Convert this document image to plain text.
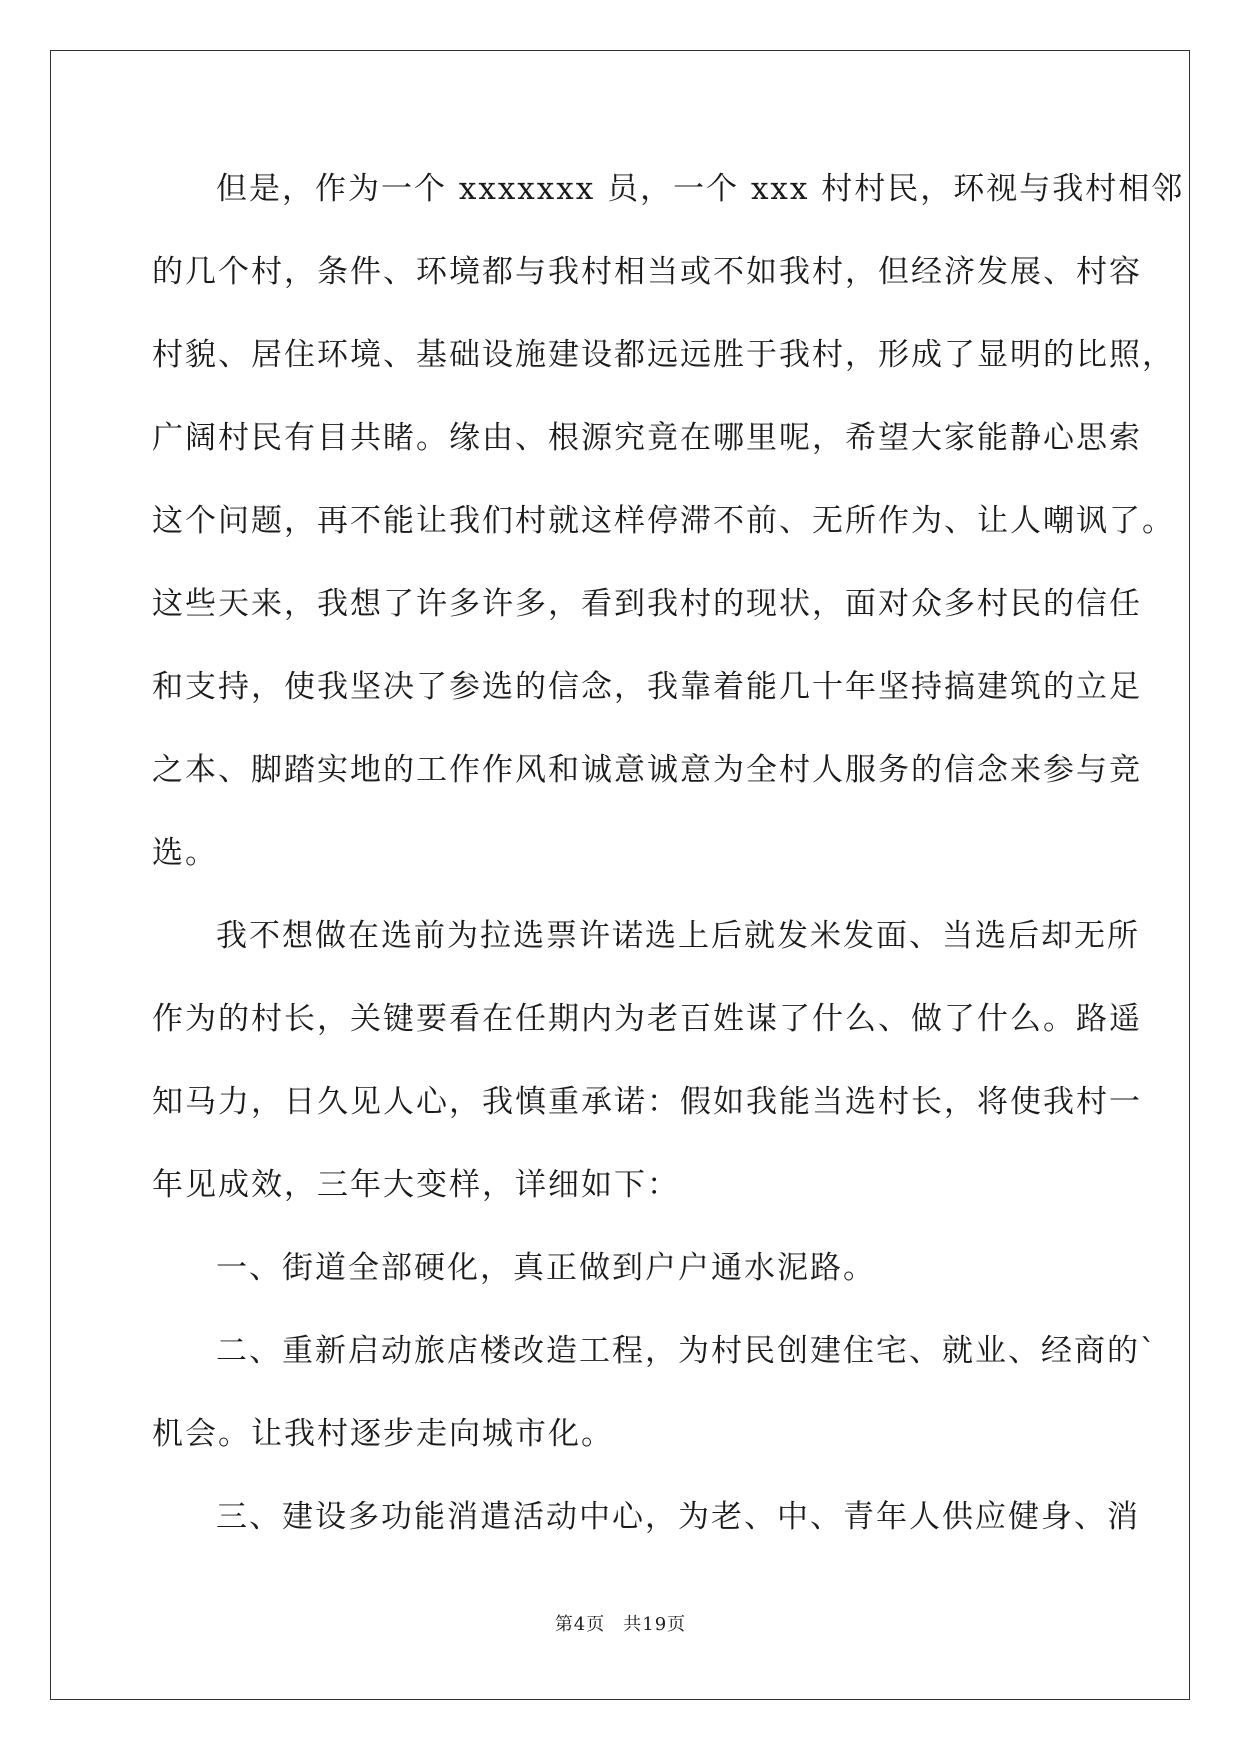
但是，作为一个 xxxxxxx 员，一个 xxx 村村民，环视与我村相邻
的几个村，条件、环境都与我村相当或不如我村，但经济发展、村容
村貌、居住环境、基础设施建设都远远胜于我村，形成了显明的比照，
广阔村民有目共睹。缘由、根源究竟在哪里呢，希望大家能静心思索
这个问题，再不能让我们村就这样停滞不前、无所作为、让人嘲讽了。
这些天来，我想了许多许多，看到我村的现状，面对众多村民的信任
和支持，使我坚决了参选的信念，我靠着能几十年坚持搞建筑的立足
之本、脚踏实地的工作作风和诚意诚意为全村人服务的信念来参与竞
选。
我不想做在选前为拉选票许诺选上后就发米发面、当选后却无所
作为的村长，关键要看在任期内为老百姓谋了什么、做了什么。路遥
知马力，日久见人心，我慎重承诺：假如我能当选村长，将使我村一
年见成效，三年大变样，详细如下：
一、街道全部硬化，真正做到户户通水泥路。
二、重新启动旅店楼改造工程，为村民创建住宅、就业、经商的`
机会。让我村逐步走向城市化。
三、建设多功能消遣活动中心，为老、中、青年人供应健身、消
第4页 共19页
